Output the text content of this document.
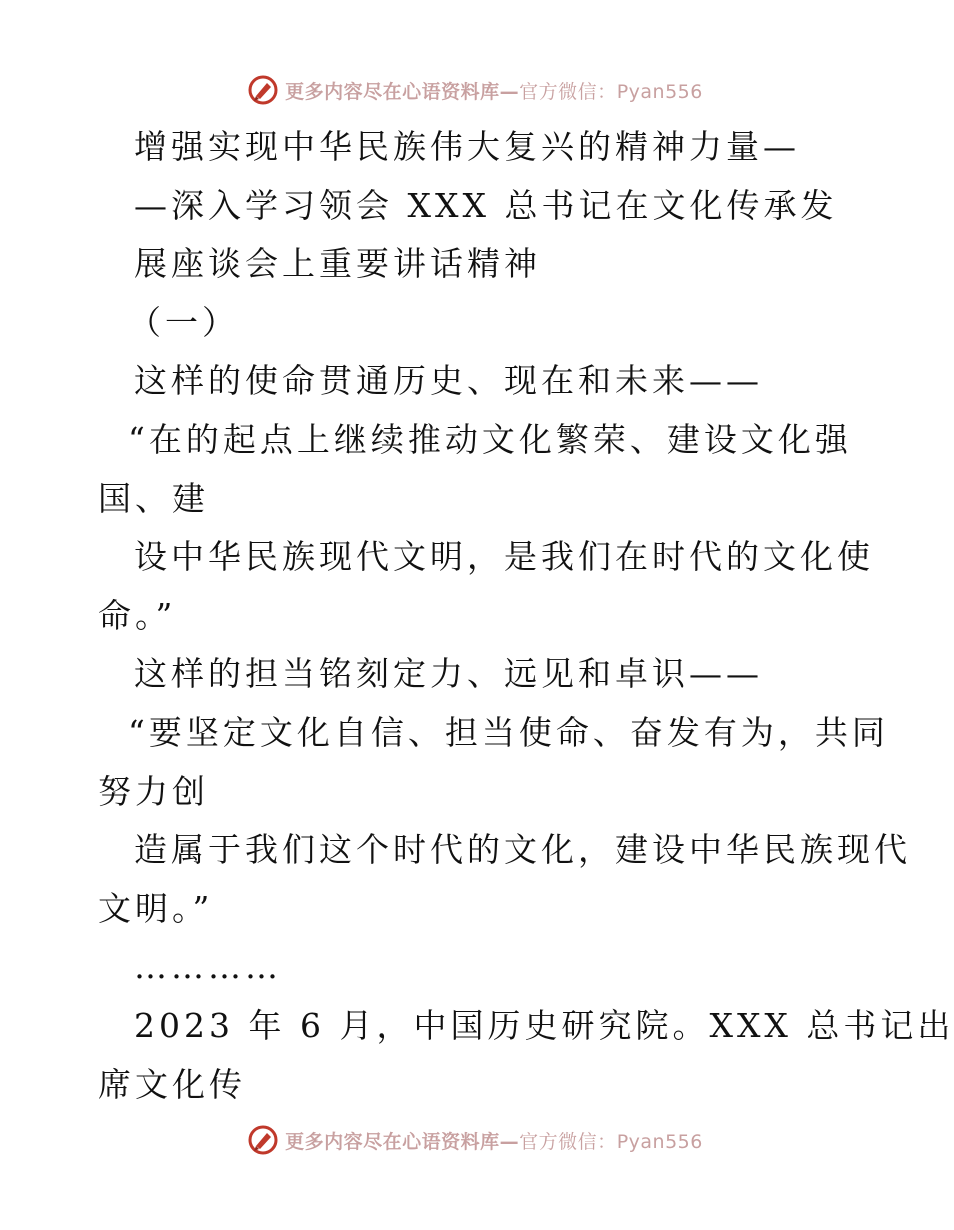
更多内容尽在心语资料库—官方微信：Pyan556
增强实现中华民族伟大复兴的精神力量—
—深入学习领会 XXX 总书记在文化传承发
展座谈会上重要讲话精神
（一）
这样的使命贯通历史、现在和未来——
“在的起点上继续推动文化繁荣、建设文化强
国、建
设中华民族现代文明，是我们在时代的文化使
命。”
这样的担当铭刻定力、远见和卓识——
“要坚定文化自信、担当使命、奋发有为，共同
努力创
造属于我们这个时代的文化，建设中华民族现代
文明。”
…………
2023 年 6 月，中国历史研究院。XXX 总书记出
席文化传
更多内容尽在心语资料库—官方微信：Pyan556
